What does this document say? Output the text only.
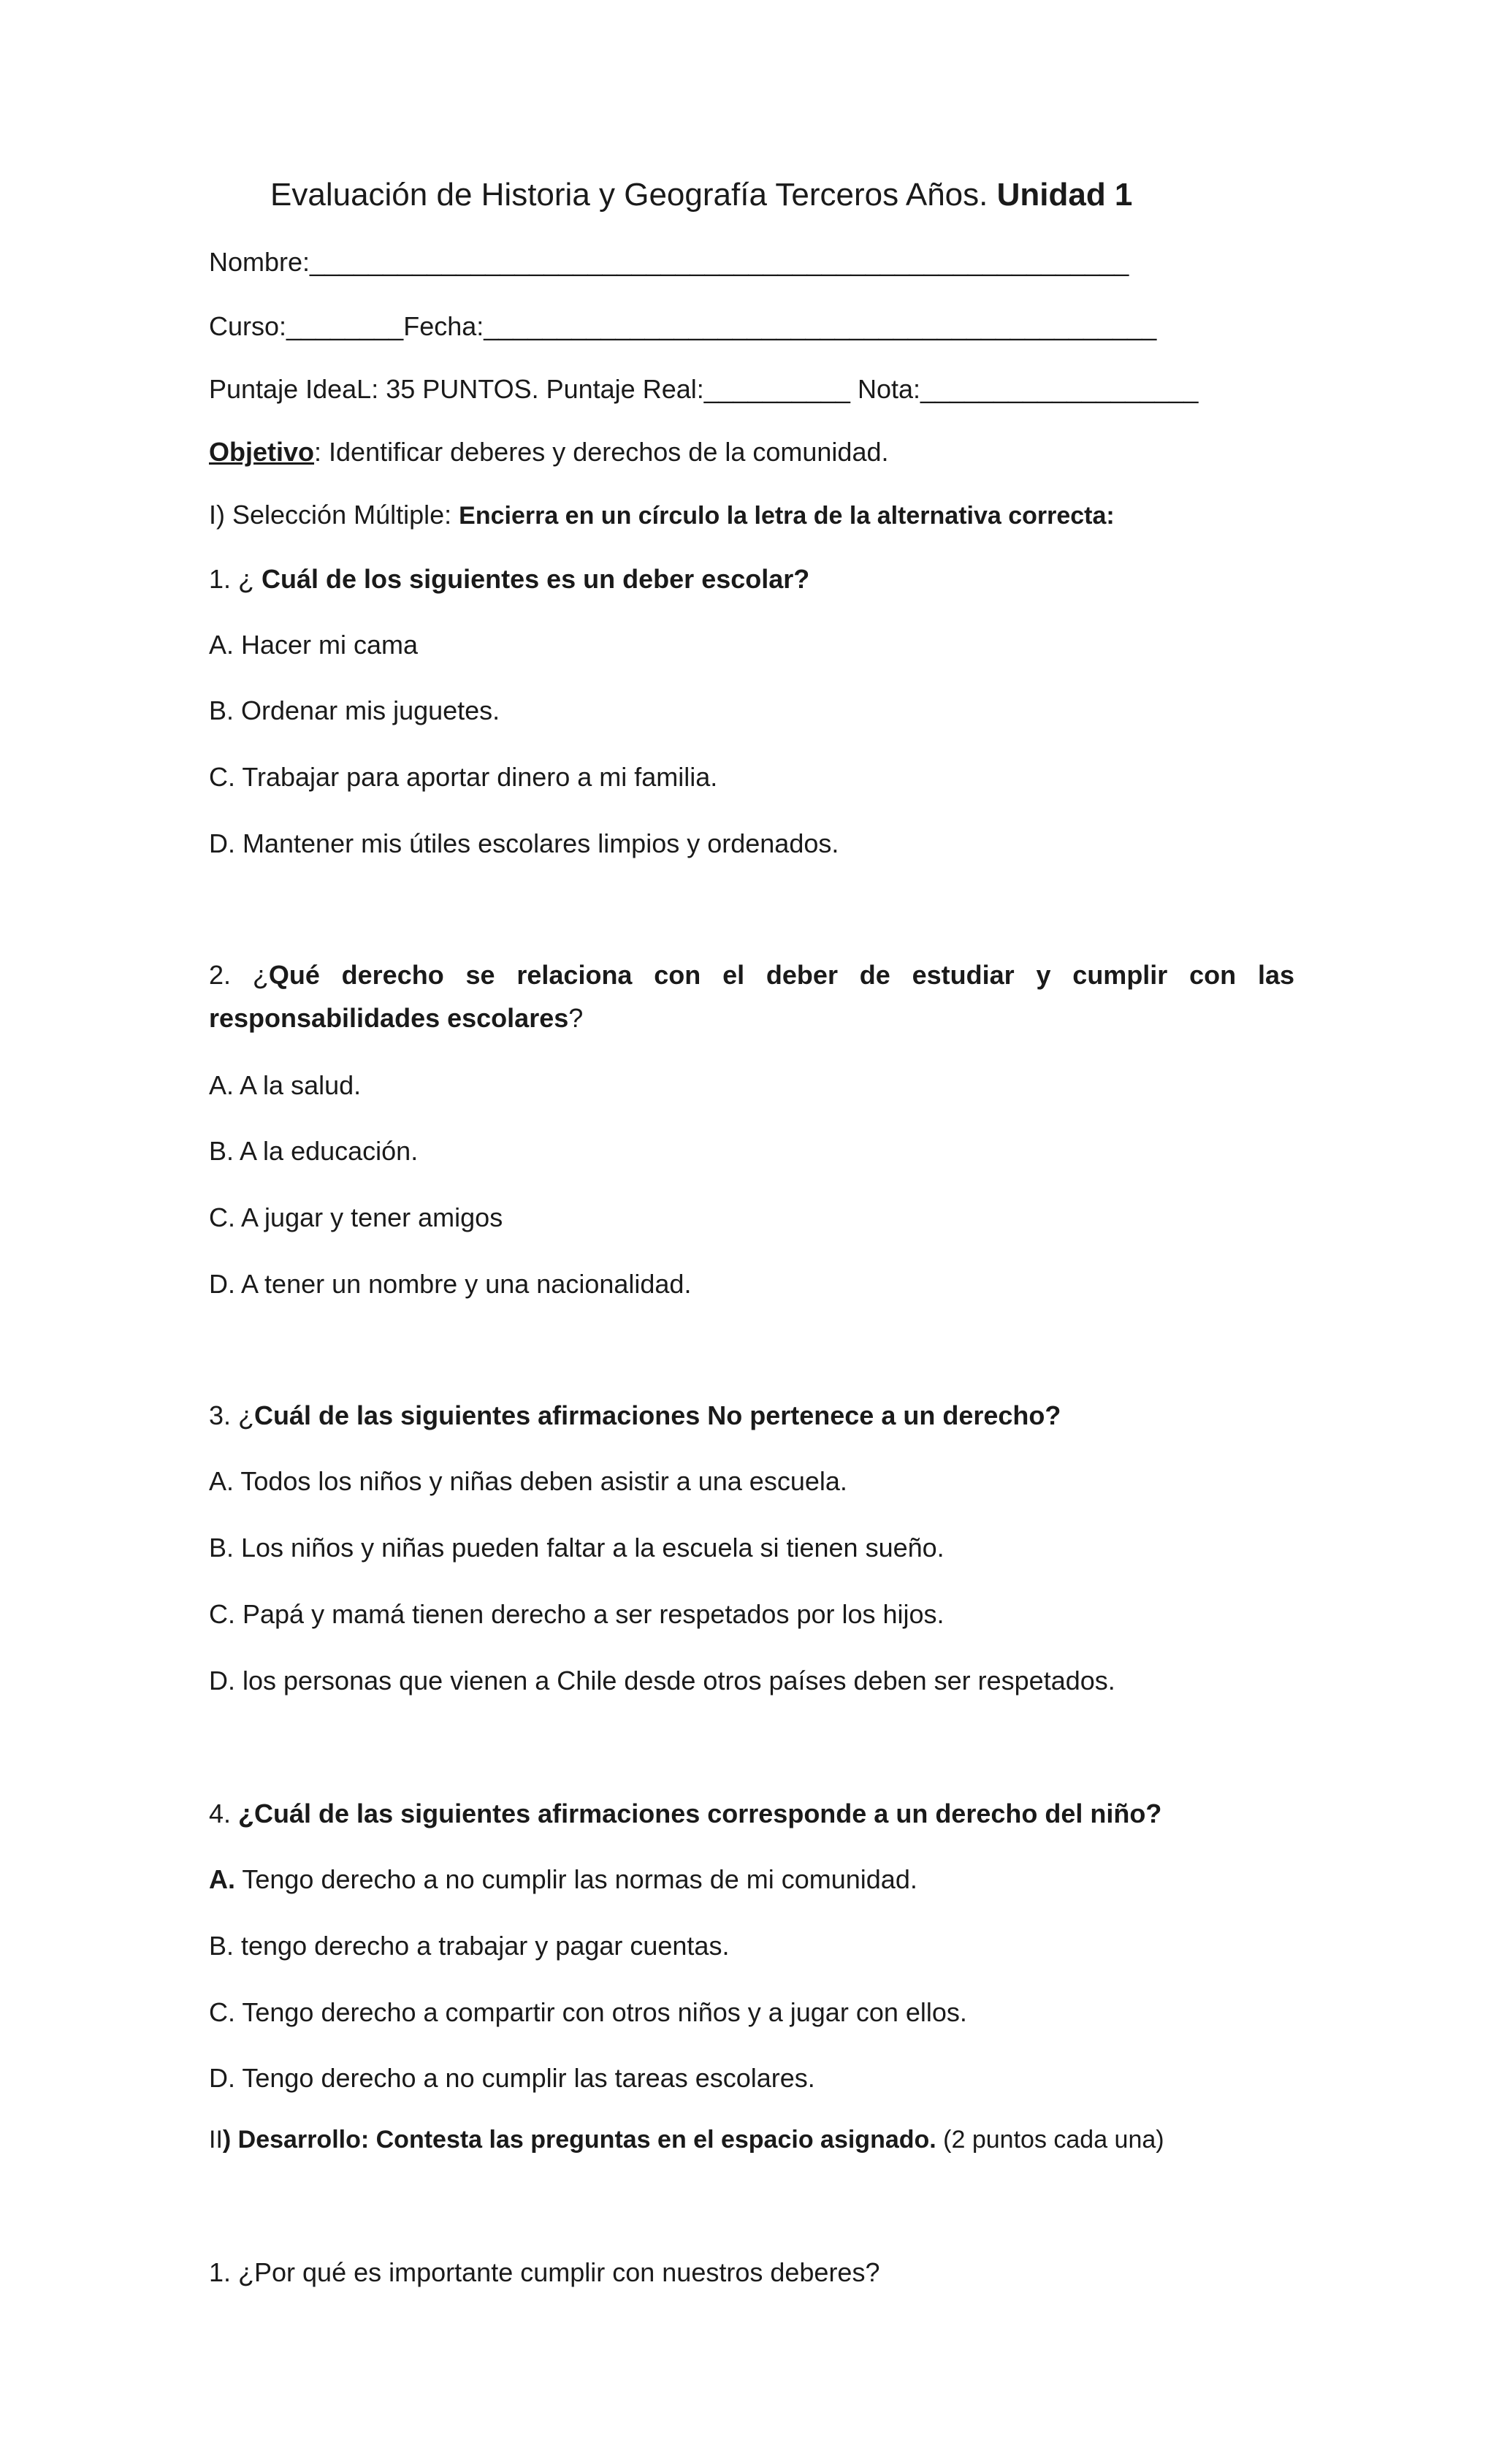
Evaluación de Historia y Geografía Terceros Años. Unidad 1
Nombre:________________________________________________________
Curso:________Fecha:______________________________________________
Puntaje IdeaL: 35 PUNTOS. Puntaje Real:__________ Nota:___________________
Objetivo: Identificar deberes y derechos de la comunidad.
I) Selección Múltiple: Encierra en un círculo la letra de la alternativa correcta:
1. ¿ Cuál de los siguientes es un deber escolar?
A. Hacer mi cama
B. Ordenar mis juguetes.
C. Trabajar para aportar dinero a mi familia.
D. Mantener mis útiles escolares limpios y ordenados.
2. ¿Qué derecho se relaciona con el deber de estudiar y cumplir con las
responsabilidades escolares?
A. A la salud.
B. A la educación.
C. A jugar y tener amigos
D. A tener un nombre y una nacionalidad.
3. ¿Cuál de las siguientes afirmaciones No pertenece a un derecho?
A. Todos los niños y niñas deben asistir a una escuela.
B. Los niños y niñas pueden faltar a la escuela si tienen sueño.
C. Papá y mamá tienen derecho a ser respetados por los hijos.
D. los personas que vienen a Chile desde otros países deben ser respetados.
4. ¿Cuál de las siguientes afirmaciones corresponde a un derecho del niño?
A. Tengo derecho a no cumplir las normas de mi comunidad.
B. tengo derecho a trabajar y pagar cuentas.
C. Tengo derecho a compartir con otros niños y a jugar con ellos.
D. Tengo derecho a no cumplir las tareas escolares.
II) Desarrollo: Contesta las preguntas en el espacio asignado. (2 puntos cada una)
1. ¿Por qué es importante cumplir con nuestros deberes?
